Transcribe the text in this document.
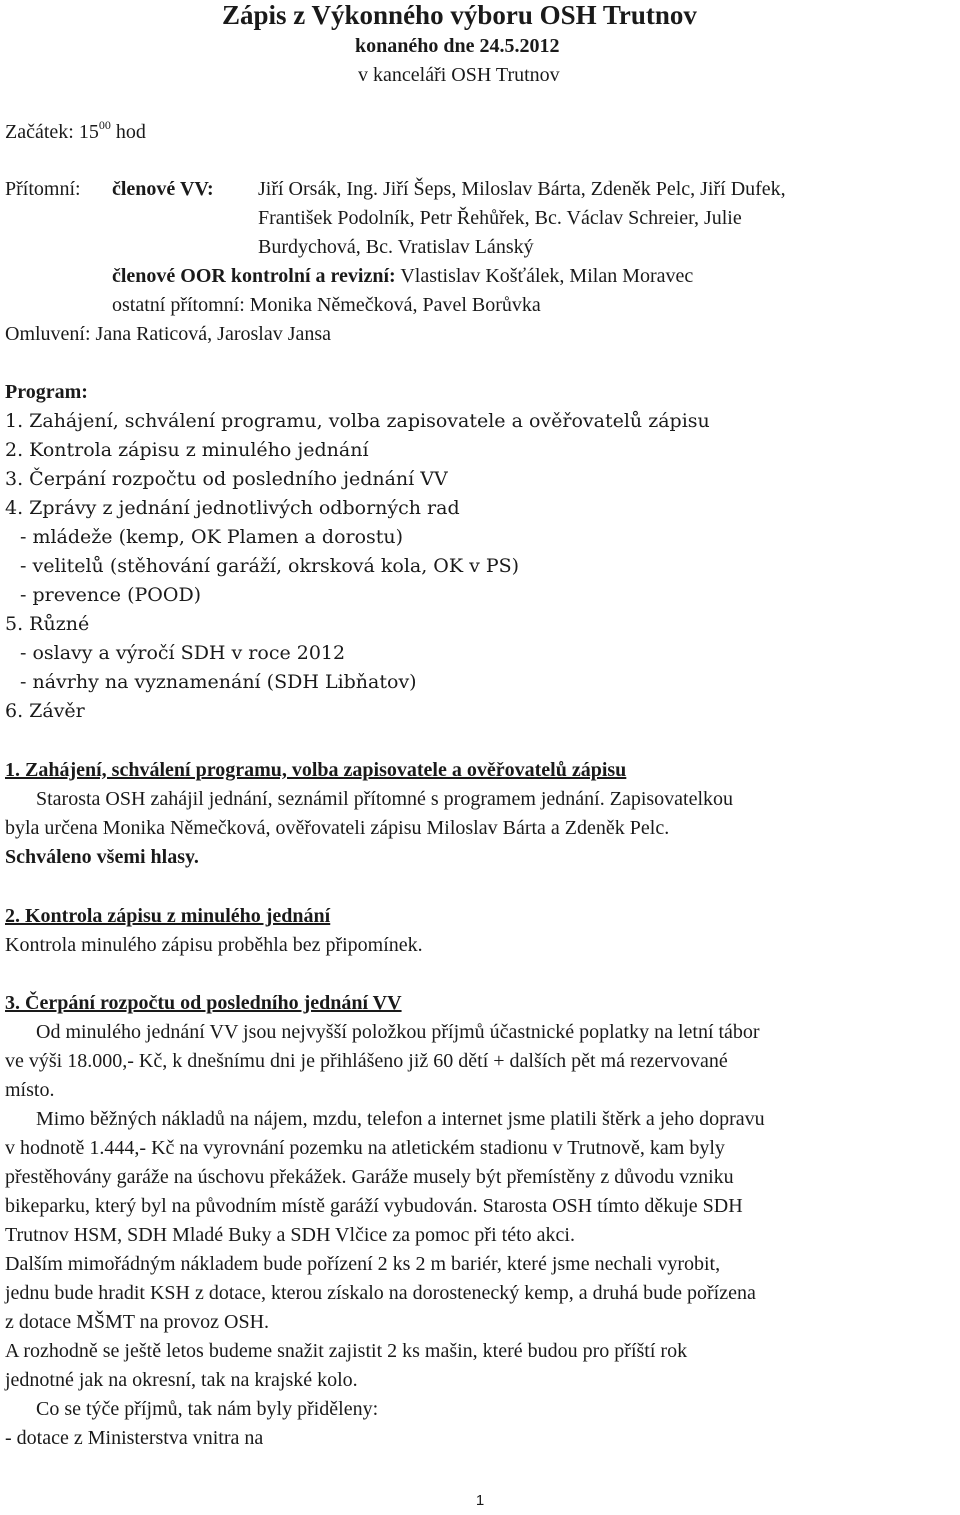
Zápis z Výkonného výboru OSH Trutnov
konaného dne 24.5.2012
v kanceláři OSH Trutnov
Začátek: $15^{00}$ hod
Přítomní: členové VV: Jiří Orsák, Ing. Jiří Šeps, Miloslav Bárta, Zdeněk Pelc, Jiří Dufek,
František Podolník, Petr Řehůřek, Bc. Václav Schreier, Julie
Burdychová, Bc. Vratislav Lánský
členové OOR kontrolní a revizní: Vlastislav Košťálek, Milan Moravec
ostatní přítomní: Monika Němečková, Pavel Borůvka
Omluvení: Jana Raticová, Jaroslav Jansa
Program:
1. Zahájení, schválení programu, volba zapisovatele a ověřovatelů zápisu
2. Kontrola zápisu z minulého jednání
3. Čerpání rozpočtu od posledního jednání VV
4. Zprávy z jednání jednotlivých odborných rad
- mládeže (kemp, OK Plamen a dorostu)
- velitelů (stěhování garáží, okrsková kola, OK v PS)
- prevence (POOD)
5. Různé
- oslavy a výročí SDH v roce 2012
- návrhy na vyznamenání (SDH Libňatov)
6. Závěr
1. Zahájení, schválení programu, volba zapisovatele a ověřovatelů zápisu
Starosta OSH zahájil jednání, seznámil přítomné s programem jednání. Zapisovatelkou
byla určena Monika Němečková, ověřovateli zápisu Miloslav Bárta a Zdeněk Pelc.
Schváleno všemi hlasy.
2. Kontrola zápisu z minulého jednání
Kontrola minulého zápisu proběhla bez připomínek.
3. Čerpání rozpočtu od posledního jednání VV
Od minulého jednání VV jsou nejvyšší položkou příjmů účastnické poplatky na letní tábor
ve výši 18.000,- Kč, k dnešnímu dni je přihlášeno již 60 dětí + dalších pět má rezervované
místo.
Mimo běžných nákladů na nájem, mzdu, telefon a internet jsme platili štěrk a jeho dopravu
v hodnotě 1.444,- Kč na vyrovnání pozemku na atletickém stadionu v Trutnově, kam byly
přestěhovány garáže na úschovu překážek. Garáže musely být přemístěny z důvodu vzniku
bikeparku, který byl na původním místě garáží vybudován. Starosta OSH tímto děkuje SDH
Trutnov HSM, SDH Mladé Buky a SDH Vlčice za pomoc při této akci.
Dalším mimořádným nákladem bude pořízení 2 ks 2 m bariér, které jsme nechali vyrobit,
jednu bude hradit KSH z dotace, kterou získalo na dorostenecký kemp, a druhá bude pořízena
z dotace MŠMT na provoz OSH.
A rozhodně se ještě letos budeme snažit zajistit 2 ks mašin, které budou pro příští rok
jednotné jak na okresní, tak na krajské kolo.
Co se týče příjmů, tak nám byly přiděleny:
- dotace z Ministerstva vnitra na
1
